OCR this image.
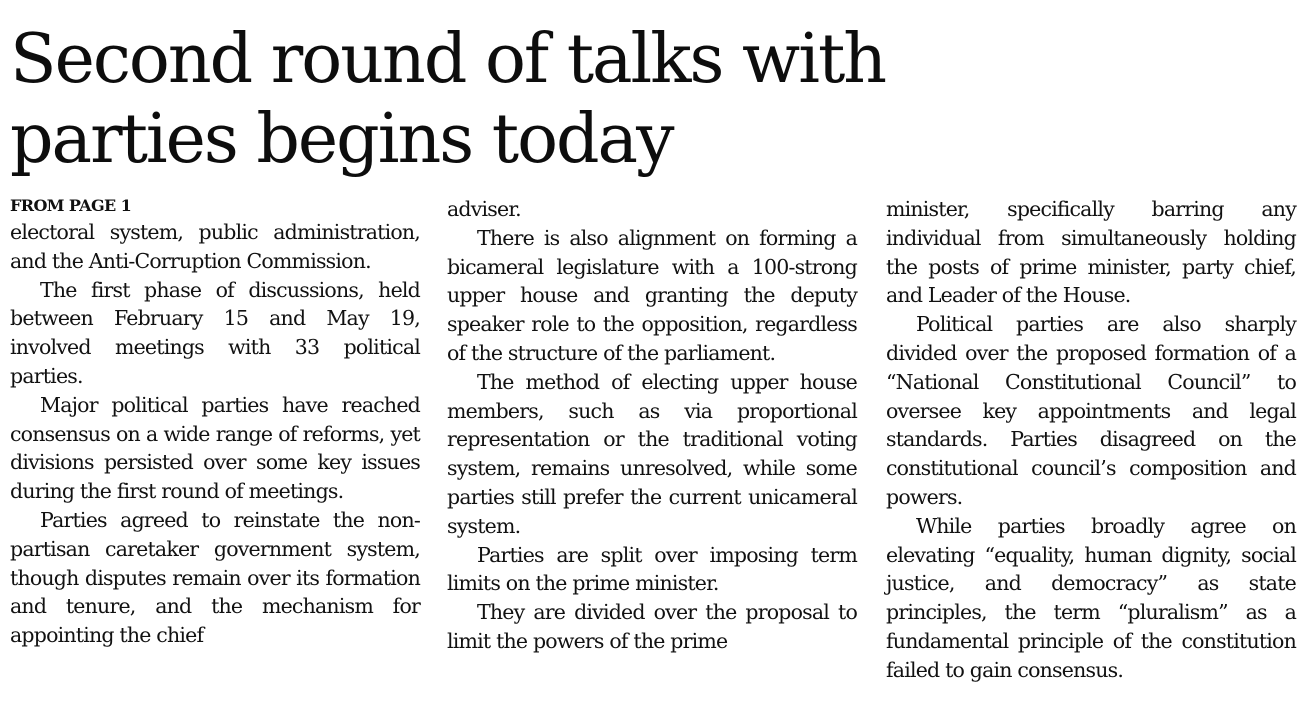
Second round of talks with
parties begins today
FROM PAGE 1

electoral system, public administration, and the Anti-Corruption Commission.

The first phase of discussions, held between February 15 and May 19, involved meetings with 33 political parties.

Major political parties have reached consensus on a wide range of reforms, yet divisions persisted over some key issues during the first round of meetings.

Parties agreed to reinstate the non-partisan caretaker government system, though disputes remain over its formation and tenure, and the mechanism for appointing the chief

adviser.

There is also alignment on forming a bicameral legislature with a 100-strong upper house and granting the deputy speaker role to the opposition, regardless of the structure of the parliament.

The method of electing upper house members, such as via proportional representation or the traditional voting system, remains unresolved, while some parties still prefer the current unicameral system.

Parties are split over imposing term limits on the prime minister.

They are divided over the proposal to limit the powers of the prime

minister, specifically barring any individual from simultaneously holding the posts of prime minister, party chief, and Leader of the House.

Political parties are also sharply divided over the proposed formation of a “National Constitutional Council” to oversee key appointments and legal standards. Parties disagreed on the constitutional council’s composition and powers.

While parties broadly agree on elevating “equality, human dignity, social justice, and democracy” as state principles, the term “pluralism” as a fundamental principle of the constitution failed to gain consensus.
